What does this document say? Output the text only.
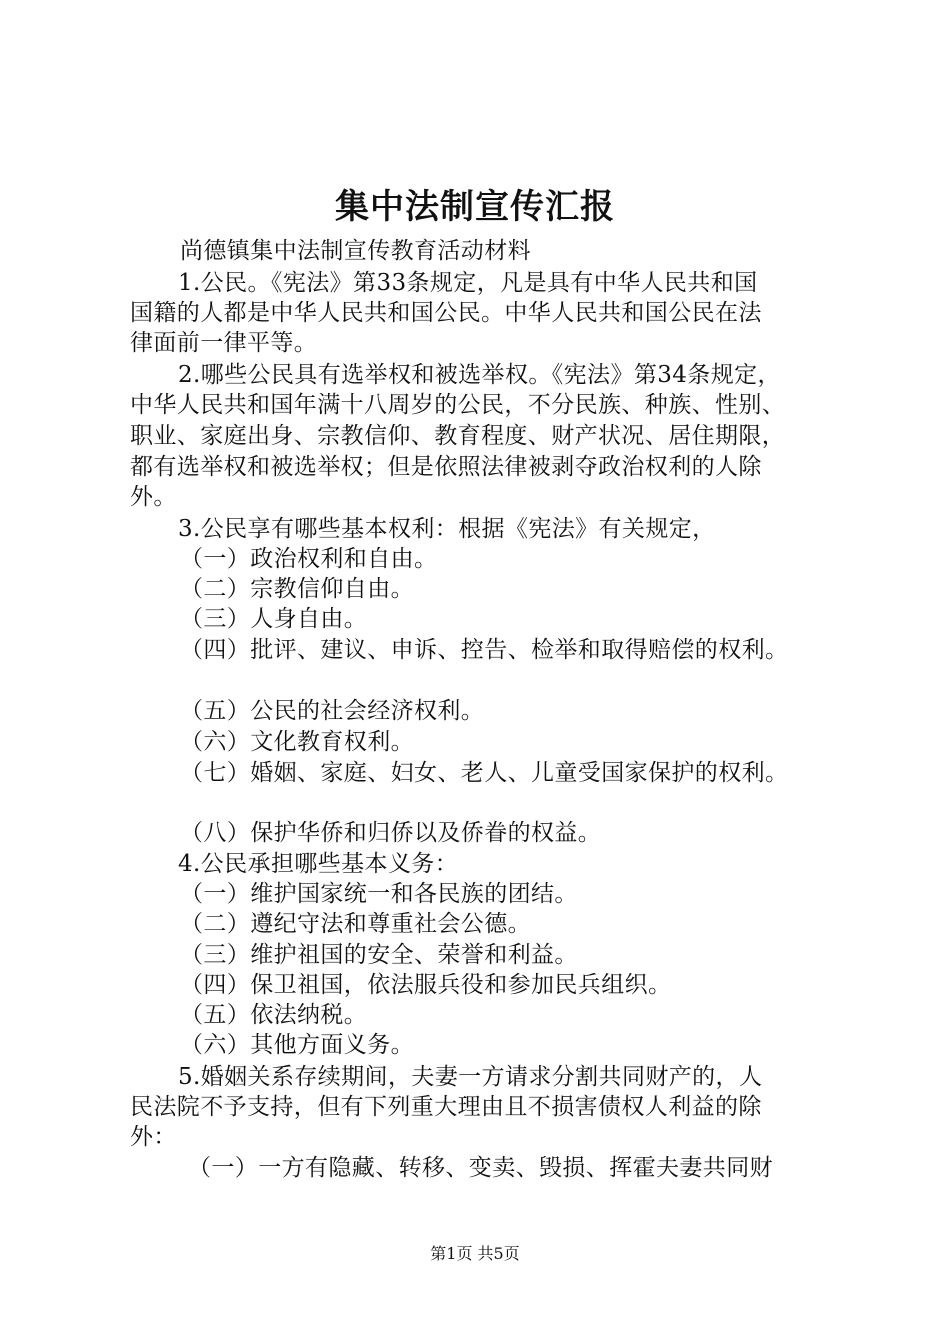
集中法制宣传汇报
尚德镇集中法制宣传教育活动材料
1.公民。《宪法》第33条规定，凡是具有中华人民共和国
国籍的人都是中华人民共和国公民。中华人民共和国公民在法
律面前一律平等。
2.哪些公民具有选举权和被选举权。《宪法》第34条规定，
中华人民共和国年满十八周岁的公民，不分民族、种族、性别、
职业、家庭出身、宗教信仰、教育程度、财产状况、居住期限，
都有选举权和被选举权；但是依照法律被剥夺政治权利的人除
外。
3.公民享有哪些基本权利：根据《宪法》有关规定，
（一）政治权利和自由。
（二）宗教信仰自由。
（三）人身自由。
（四）批评、建议、申诉、控告、检举和取得赔偿的权利。
（五）公民的社会经济权利。
（六）文化教育权利。
（七）婚姻、家庭、妇女、老人、儿童受国家保护的权利。
（八）保护华侨和归侨以及侨眷的权益。
4.公民承担哪些基本义务：
（一）维护国家统一和各民族的团结。
（二）遵纪守法和尊重社会公德。
（三）维护祖国的安全、荣誉和利益。
（四）保卫祖国，依法服兵役和参加民兵组织。
（五）依法纳税。
（六）其他方面义务。
5.婚姻关系存续期间，夫妻一方请求分割共同财产的，人
民法院不予支持，但有下列重大理由且不损害债权人利益的除
外：
（一）一方有隐藏、转移、变卖、毁损、挥霍夫妻共同财
第1页 共5页
